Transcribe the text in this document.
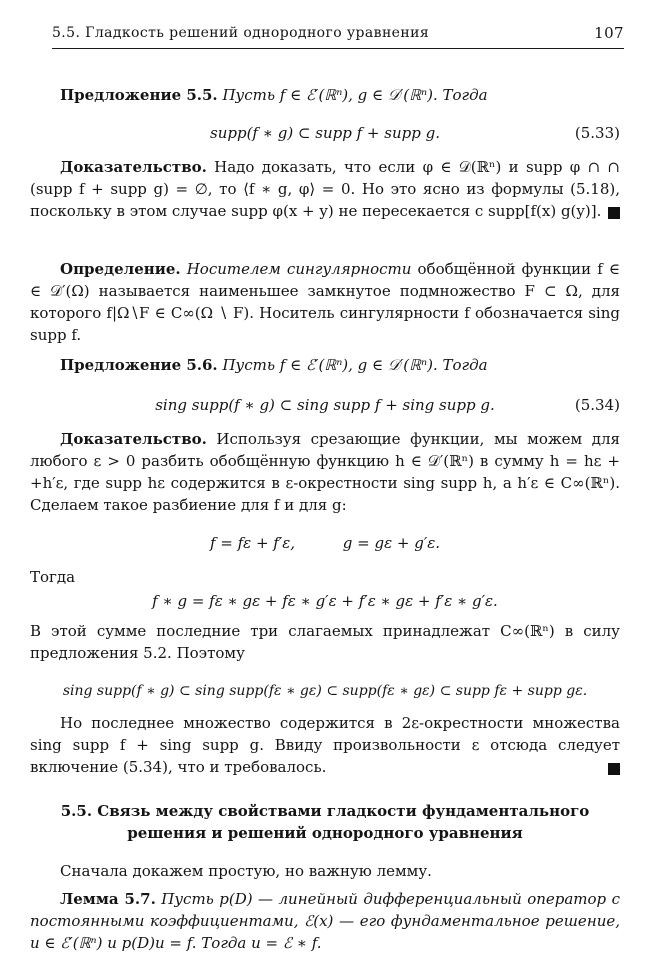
5.5. Гладкость решений однородного уравнения	107
Предложение 5.5. Пусть f ∈ ℰ′(ℝⁿ), g ∈ 𝒟′(ℝⁿ). Тогда
supp(f ∗ g) ⊂ supp f + supp g.	(5.33)
Доказательство. Надо доказать, что если φ ∈ 𝒟(ℝⁿ) и supp φ ∩ ∩ (supp f + supp g) = ∅, то ⟨f ∗ g, φ⟩ = 0. Но это ясно из формулы (5.18), поскольку в этом случае supp φ(x + y) не пересекается с supp[f(x) g(y)].
Определение. Носителем сингулярности обобщённой функции f ∈ ∈ 𝒟′(Ω) называется наименьшее замкнутое подмножество F ⊂ Ω, для которого f|Ω∖F ∈ C∞(Ω ∖ F). Носитель сингулярности f обозначается sing supp f.
Предложение 5.6. Пусть f ∈ ℰ′(ℝⁿ), g ∈ 𝒟′(ℝⁿ). Тогда
sing supp(f ∗ g) ⊂ sing supp f + sing supp g.	(5.34)
Доказательство. Используя срезающие функции, мы можем для любого ε > 0 разбить обобщённую функцию h ∈ 𝒟′(ℝⁿ) в сумму h = hε + +h′ε, где supp hε содержится в ε-окрестности sing supp h, а h′ε ∈ C∞(ℝⁿ). Сделаем такое разбиение для f и для g:
f = fε + f′ε,          g = gε + g′ε.
Тогда
f ∗ g = fε ∗ gε + fε ∗ g′ε + f′ε ∗ gε + f′ε ∗ g′ε.
В этой сумме последние три слагаемых принадлежат C∞(ℝⁿ) в силу предложения 5.2. Поэтому
sing supp(f ∗ g) ⊂ sing supp(fε ∗ gε) ⊂ supp(fε ∗ gε) ⊂ supp fε + supp gε.
Но последнее множество содержится в 2ε-окрестности множества sing supp f + sing supp g. Ввиду произвольности ε отсюда следует включение (5.34), что и требовалось.
5.5. Связь между свойствами гладкости фундаментального
решения и решений однородного уравнения
Сначала докажем простую, но важную лемму.
Лемма 5.7. Пусть p(D) — линейный дифференциальный оператор с постоянными коэффициентами, ℰ(x) — его фундаментальное решение, u ∈ ℰ′(ℝⁿ) и p(D)u = f. Тогда u = ℰ ∗ f.
